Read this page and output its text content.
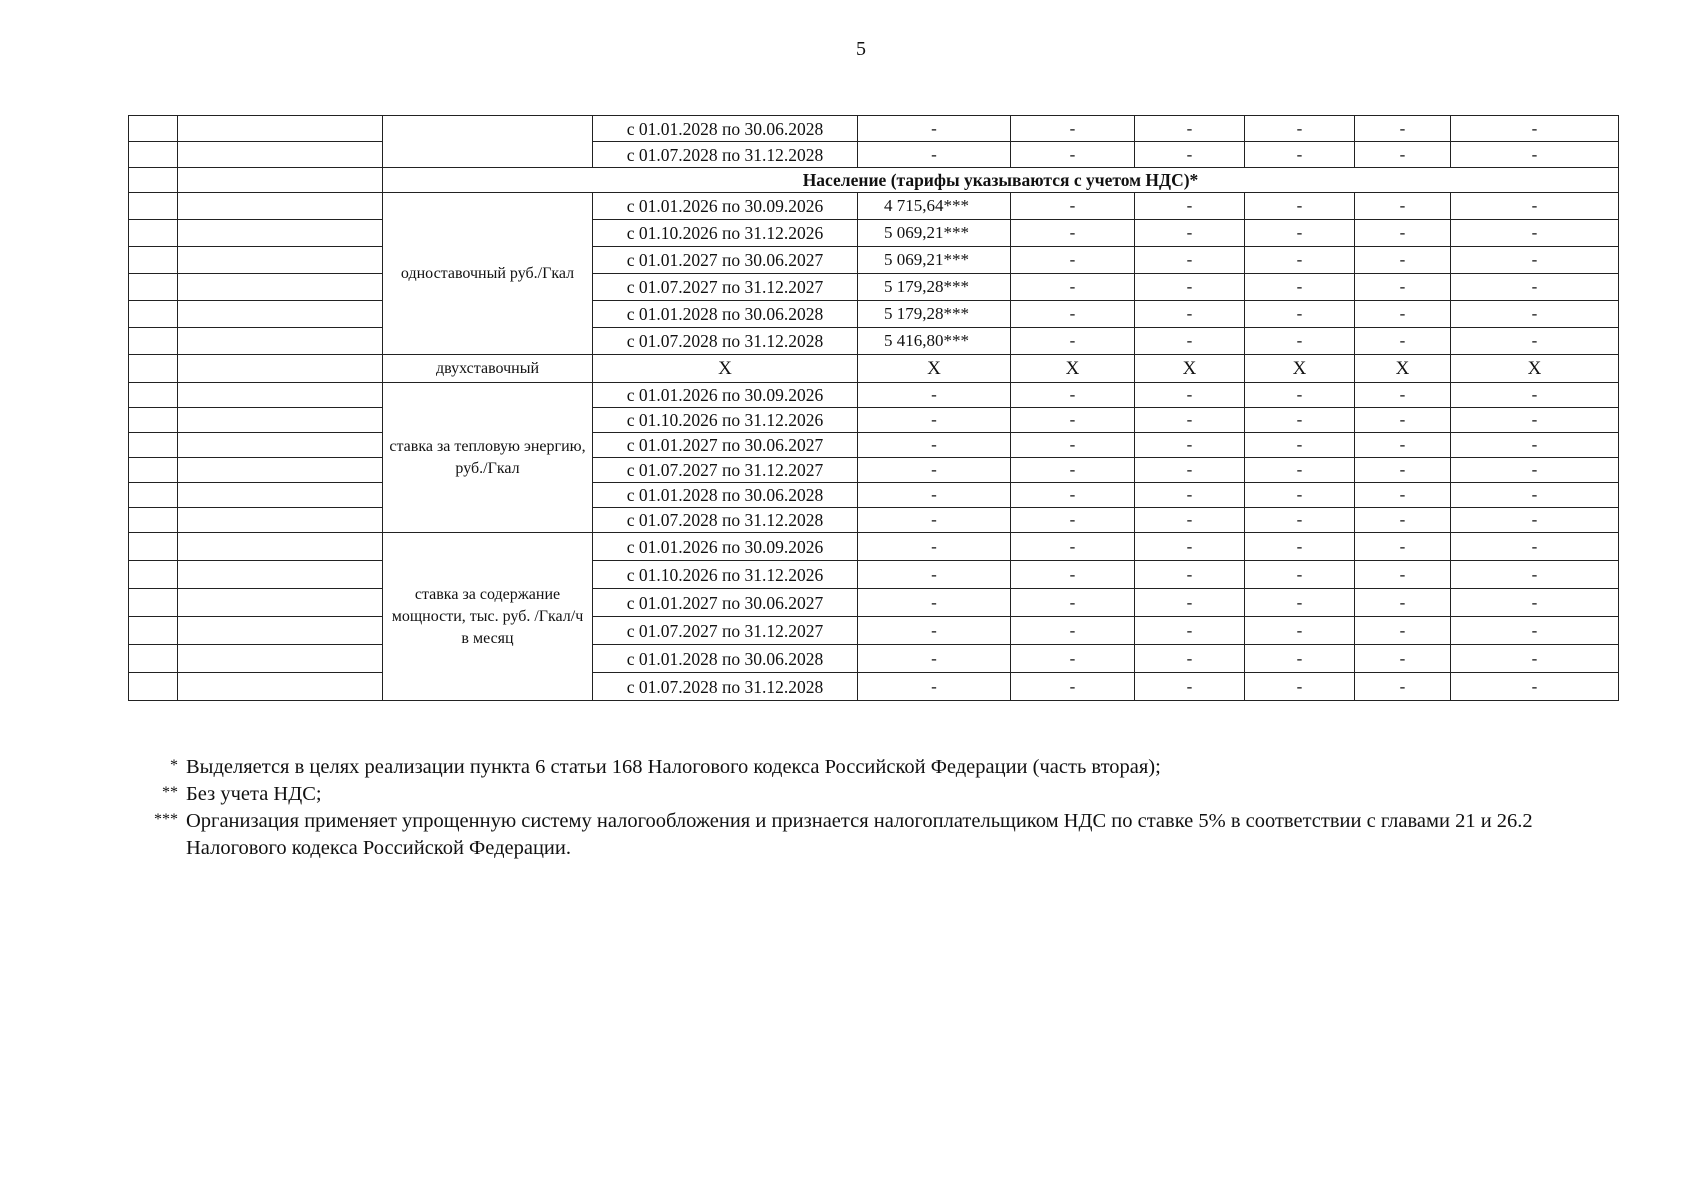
5
			с 01.01.2028 по 30.06.2028	-	-	-	-	-	-
			с 01.07.2028 по 31.12.2028	-	-	-	-	-	-
		Население (тарифы указываются с учетом НДС)*							
		одноставочный руб./Гкал	с 01.01.2026 по 30.09.2026	4 715,64***	-	-	-	-	-
			с 01.10.2026 по 31.12.2026	5 069,21***	-	-	-	-	-
			с 01.01.2027 по 30.06.2027	5 069,21***	-	-	-	-	-
			с 01.07.2027 по 31.12.2027	5 179,28***	-	-	-	-	-
			с 01.01.2028 по 30.06.2028	5 179,28***	-	-	-	-	-
			с 01.07.2028 по 31.12.2028	5 416,80***	-	-	-	-	-
		двухставочный	X	X	X	X	X	X	X
		ставка за тепловую энергию, руб./Гкал	с 01.01.2026 по 30.09.2026	-	-	-	-	-	-
			с 01.10.2026 по 31.12.2026	-	-	-	-	-	-
			с 01.01.2027 по 30.06.2027	-	-	-	-	-	-
			с 01.07.2027 по 31.12.2027	-	-	-	-	-	-
			с 01.01.2028 по 30.06.2028	-	-	-	-	-	-
			с 01.07.2028 по 31.12.2028	-	-	-	-	-	-
		ставка за содержание мощности, тыс. руб. /Гкал/ч в месяц	с 01.01.2026 по 30.09.2026	-	-	-	-	-	-
			с 01.10.2026 по 31.12.2026	-	-	-	-	-	-
			с 01.01.2027 по 30.06.2027	-	-	-	-	-	-
			с 01.07.2027 по 31.12.2027	-	-	-	-	-	-
			с 01.01.2028 по 30.06.2028	-	-	-	-	-	-
			с 01.07.2028 по 31.12.2028	-	-	-	-	-	-
* Выделяется в целях реализации пункта 6 статьи 168 Налогового кодекса Российской Федерации (часть вторая);
** Без учета НДС;
*** Организация применяет упрощенную систему налогообложения и признается налогоплательщиком НДС по ставке 5% в соответствии с главами 21 и 26.2 Налогового кодекса Российской Федерации.
